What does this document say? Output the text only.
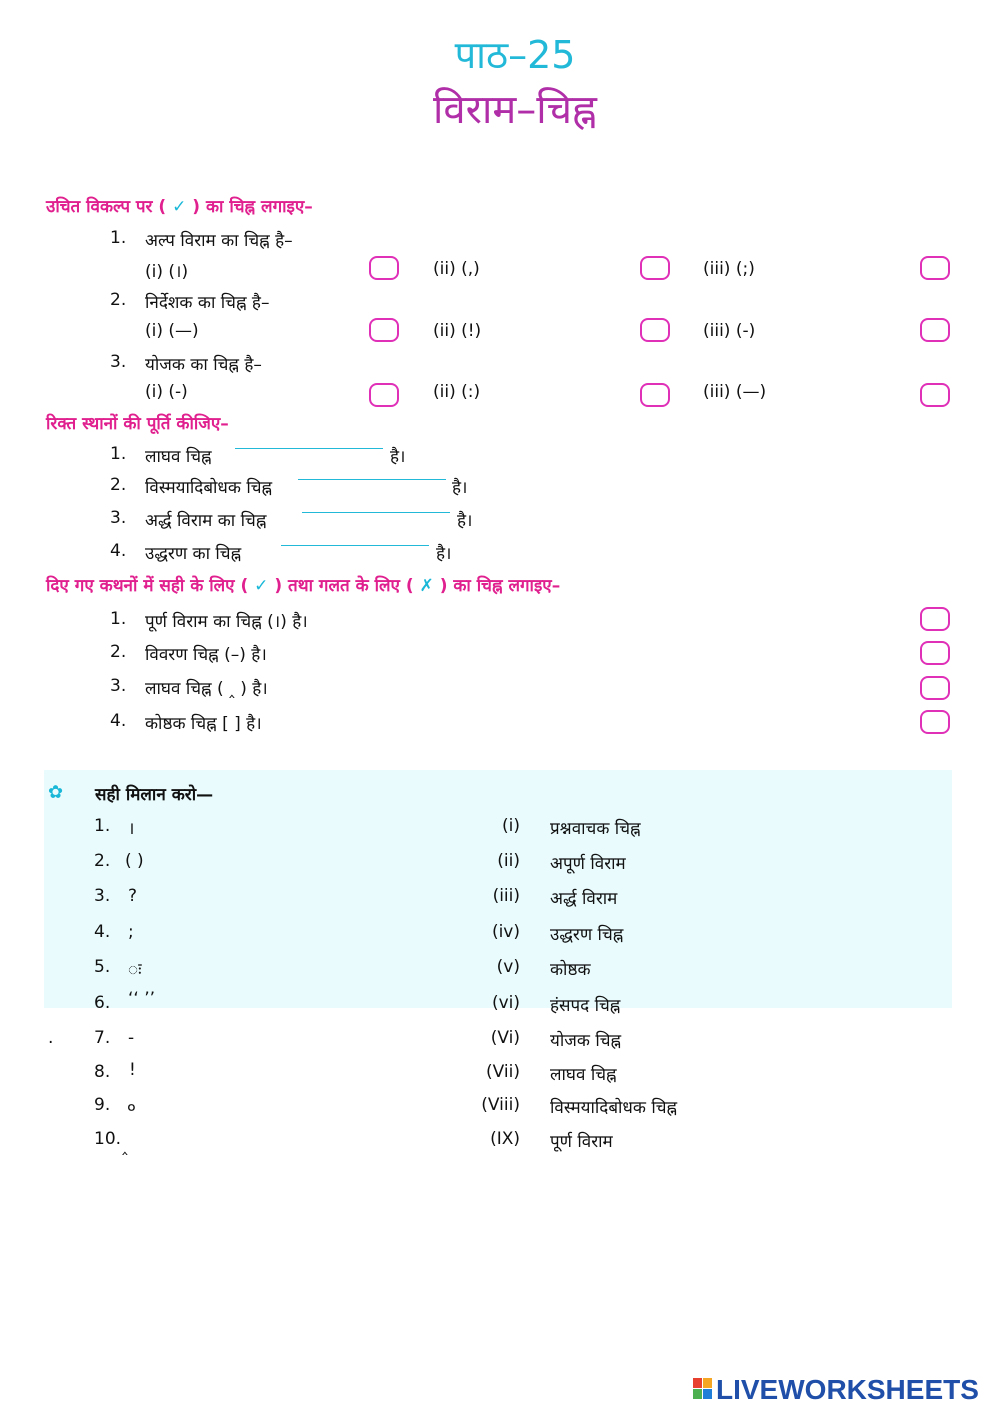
पाठ–25
विराम–चिह्न
उचित विकल्प पर ( ✓ ) का चिह्न लगाइए–
1. अल्प विराम का चिह्न है–
(i) (।)	(ii) (,)	(iii) (;)
2. निर्देशक का चिह्न है–
(i) (—)	(ii) (!)	(iii) (-)
3. योजक का चिह्न है–
(i) (-)	(ii) (:)	(iii) (—)
रिक्त स्थानों की पूर्ति कीजिए–
1. लाघव चिह्न	है।
2. विस्मयादिबोधक चिह्न	है।
3. अर्द्ध विराम का चिह्न	है।
4. उद्धरण का चिह्न	है।
दिए गए कथनों में सही के लिए ( ✓ ) तथा गलत के लिए ( ✗ ) का चिह्न लगाइए–
1. पूर्ण विराम का चिह्न (।) है।
2. विवरण चिह्न (–) है।
3. लाघव चिह्न ( ‸ ) है।
4. कोष्ठक चिह्न [ ] है।
✿ सही मिलान करो—
.
1. ।	(i) प्रश्नवाचक चिह्न
2. ( )	(ii) अपूर्ण विराम
3. ?	(iii) अर्द्ध विराम
4. ;	(iv) उद्धरण चिह्न
5. ः	(v) कोष्ठक
6. ‘‘ ’’	(vi) हंसपद चिह्न
7. -	(Vi) योजक चिह्न
8. !	(Vii) लाघव चिह्न
9. ०	(Viii) विस्मयादिबोधक चिह्न
10. ‸	(IX) पूर्ण विराम
LIVEWORKSHEETS
